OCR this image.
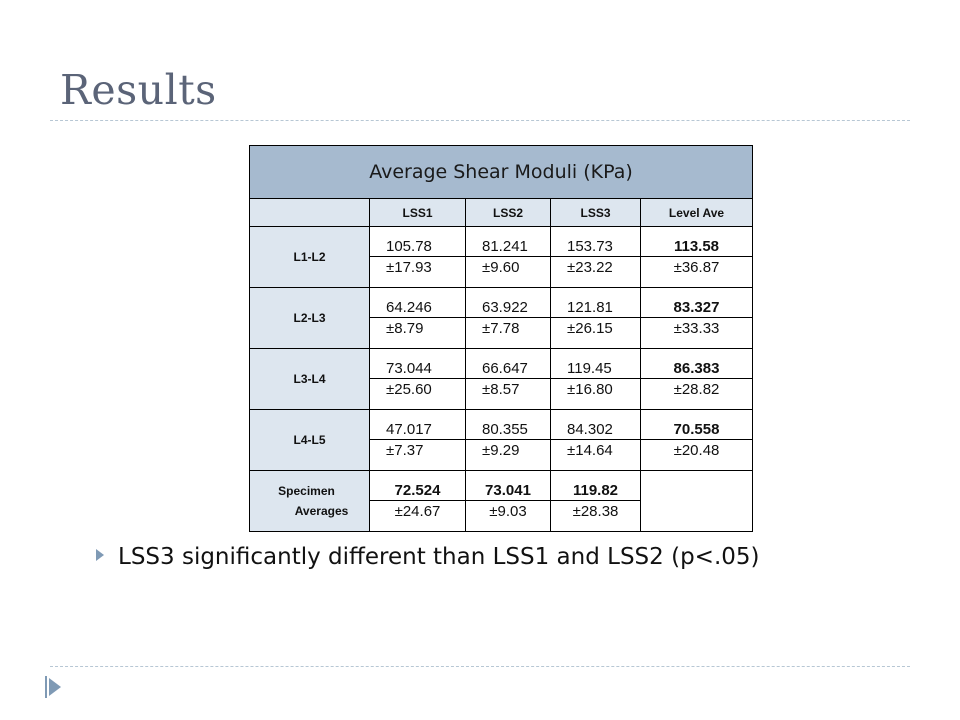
Results
Average Shear Moduli (KPa)				
	LSS1	LSS2	LSS3	Level Ave
L1-L2	105.78	81.241	153.73	113.58

	±17.93	±9.60	±23.22	±36.87

L2-L3	64.246	63.922	121.81	83.327

	±8.79	±7.78	±26.15	±33.33

L3-L4	73.044	66.647	119.45	86.383

	±25.60	±8.57	±16.80	±28.82

L4-L5	47.017	80.355	84.302	70.558

	±7.37	±9.29	±14.64	±20.48

Specimen
Averages	72.524	73.041	119.82	

	±24.67	±9.03	±28.38	
LSS3 significantly different than LSS1 and LSS2 (p<.05)
